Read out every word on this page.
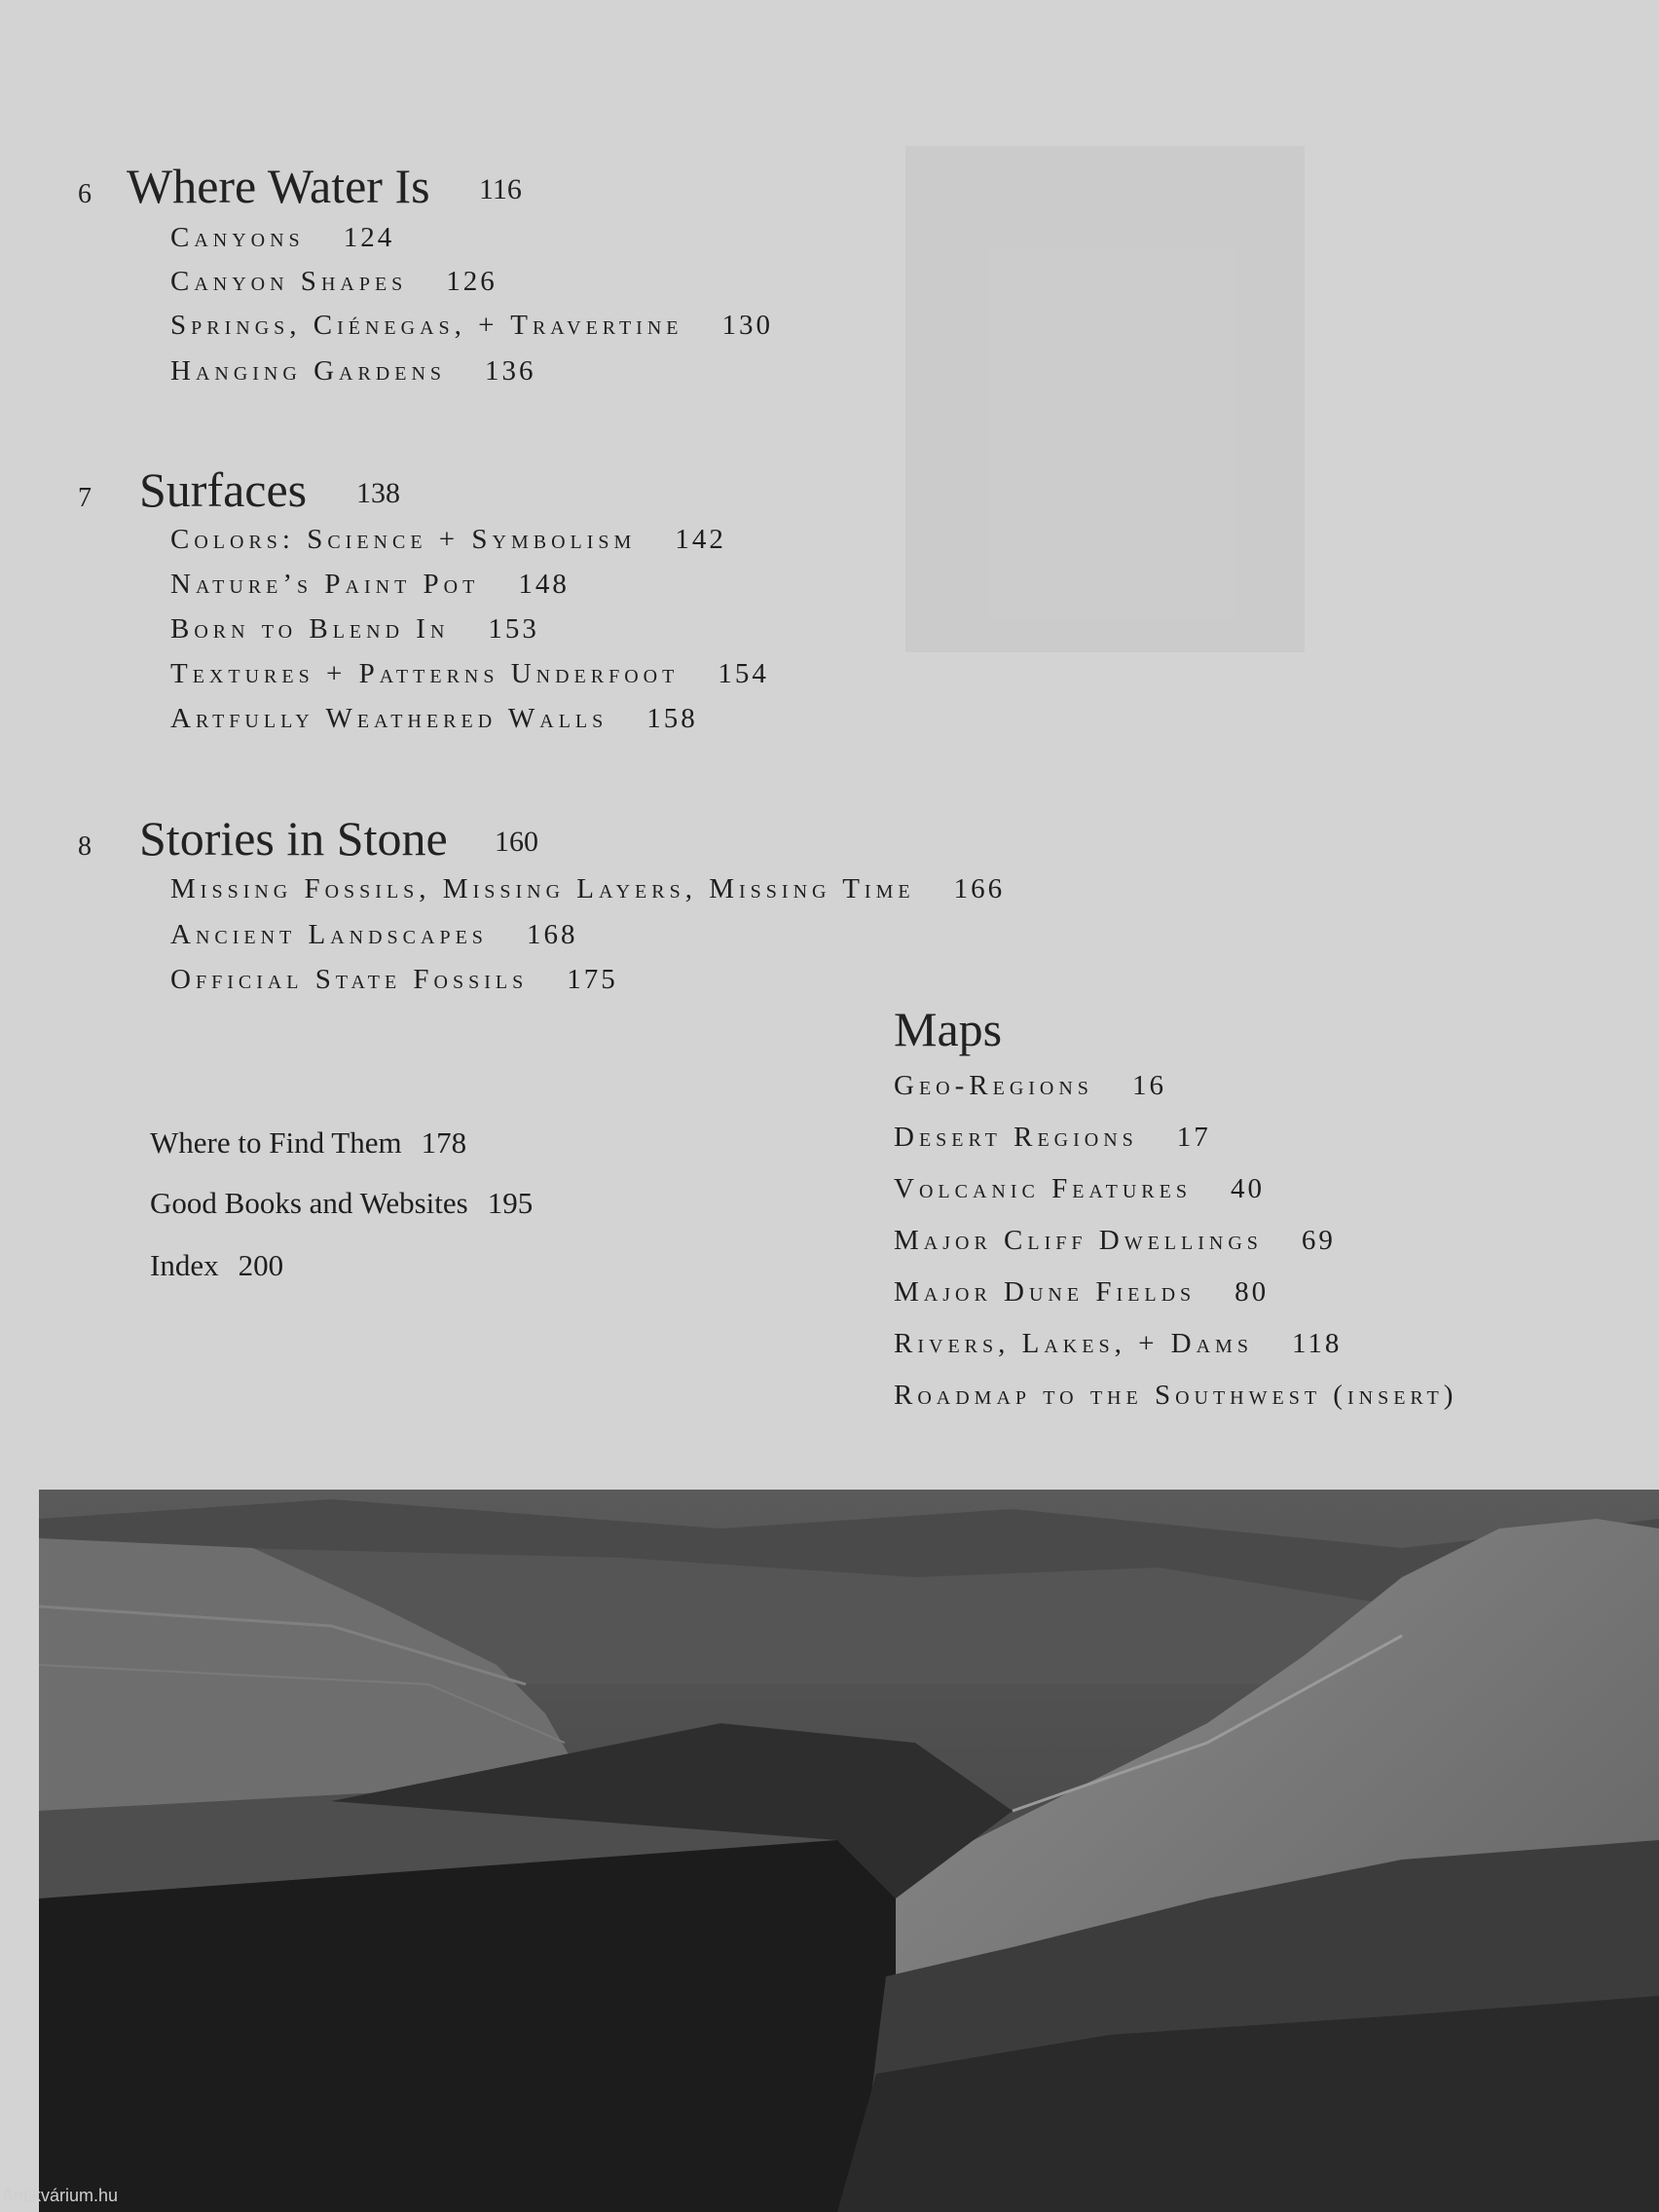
6 Where Water Is 116
Canyons 124
Canyon Shapes 126
Springs, Ciénegas, + Travertine 130
Hanging Gardens 136
7 Surfaces 138
Colors: Science + Symbolism 142
Nature’s Paint Pot 148
Born to Blend In 153
Textures + Patterns Underfoot 154
Artfully Weathered Walls 158
8 Stories in Stone 160
Missing Fossils, Missing Layers, Missing Time 166
Ancient Landscapes 168
Official State Fossils 175
Where to Find Them 178
Good Books and Websites 195
Index 200
Maps
Geo-Regions 16
Desert Regions 17
Volcanic Features 40
Major Cliff Dwellings 69
Major Dune Fields 80
Rivers, Lakes, + Dams 118
Roadmap to the Southwest (insert)
Antikvárium.hu
